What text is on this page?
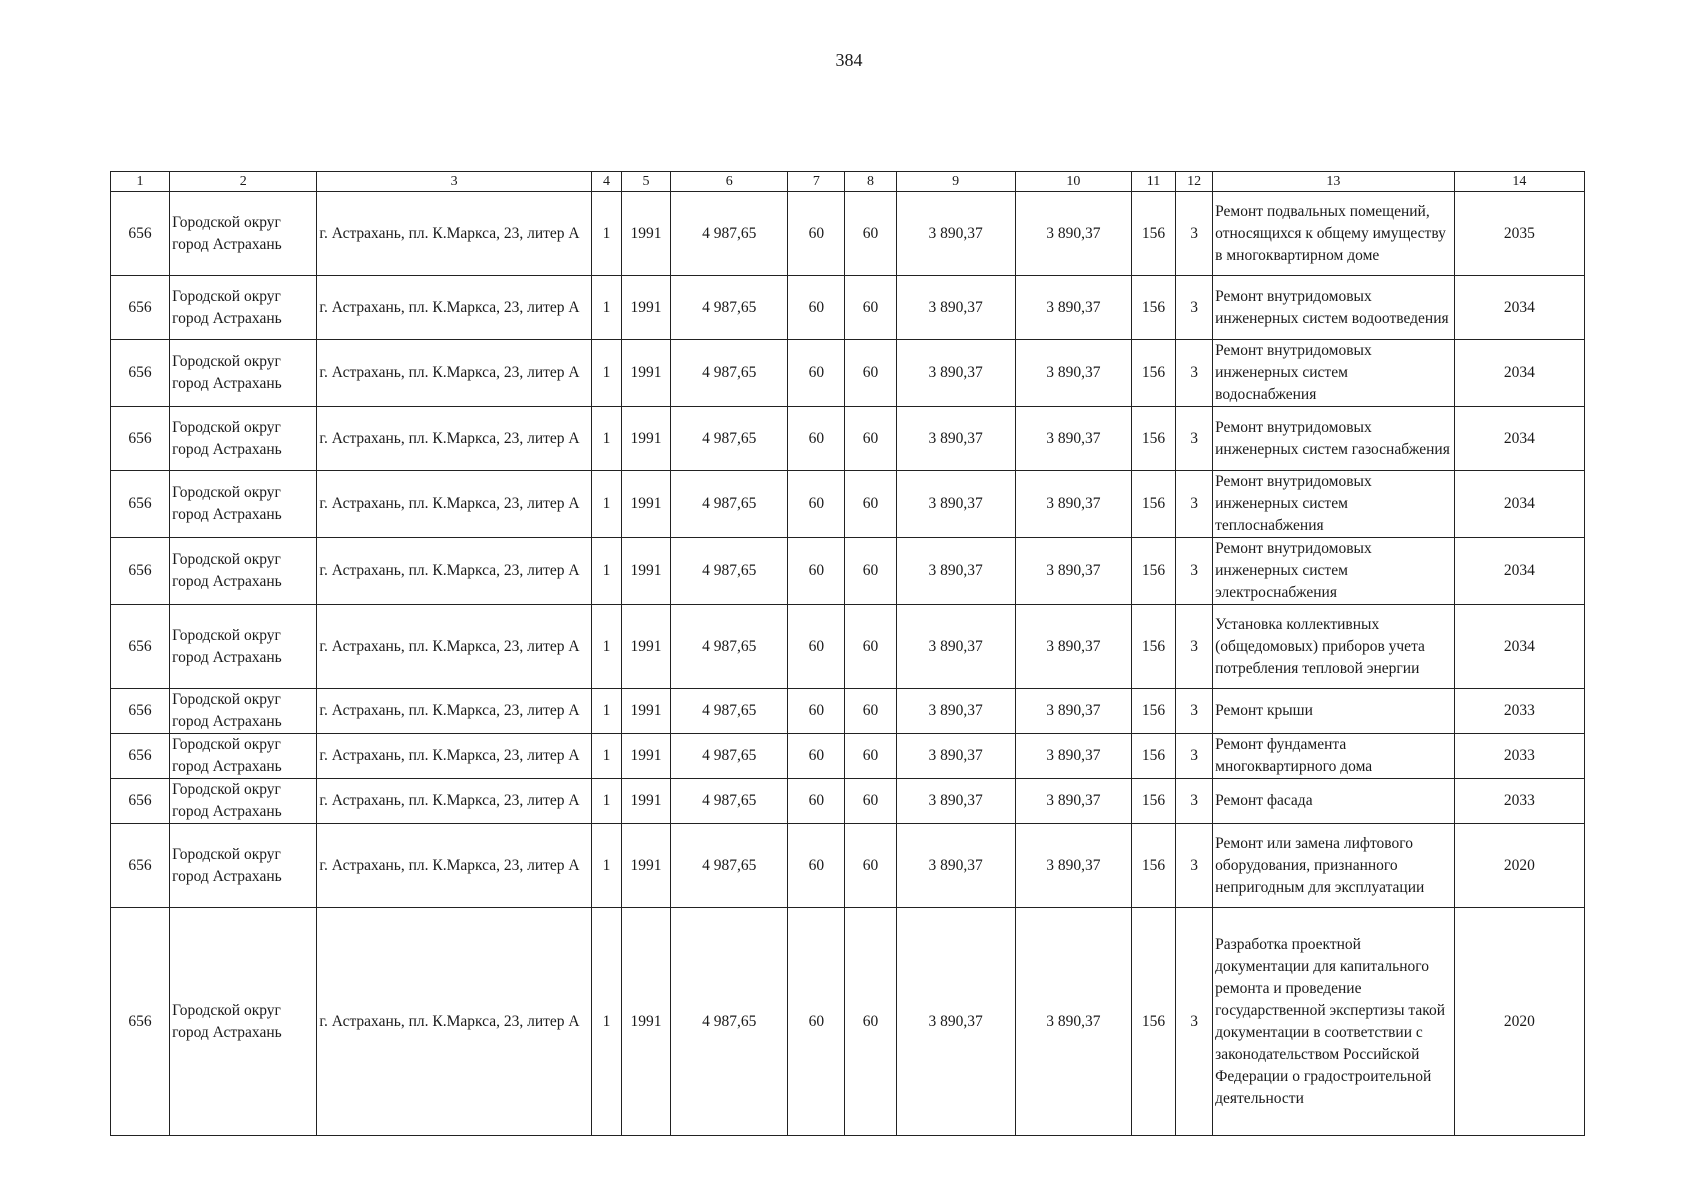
384
1	2	3	4	5	6	7	8	9	10	11	12	13	14
656	Городской округ город Астрахань	г. Астрахань, пл. К.Маркса, 23, литер А	1	1991	4 987,65	60	60	3 890,37	3 890,37	156	3	Ремонт подвальных помещений, относящихся к общему имуществу в многоквартирном доме	2035
656	Городской округ город Астрахань	г. Астрахань, пл. К.Маркса, 23, литер А	1	1991	4 987,65	60	60	3 890,37	3 890,37	156	3	Ремонт внутридомовых инженерных систем водоотведения	2034
656	Городской округ город Астрахань	г. Астрахань, пл. К.Маркса, 23, литер А	1	1991	4 987,65	60	60	3 890,37	3 890,37	156	3	Ремонт внутридомовых инженерных систем водоснабжения	2034
656	Городской округ город Астрахань	г. Астрахань, пл. К.Маркса, 23, литер А	1	1991	4 987,65	60	60	3 890,37	3 890,37	156	3	Ремонт внутридомовых инженерных систем газоснабжения	2034
656	Городской округ город Астрахань	г. Астрахань, пл. К.Маркса, 23, литер А	1	1991	4 987,65	60	60	3 890,37	3 890,37	156	3	Ремонт внутридомовых инженерных систем теплоснабжения	2034
656	Городской округ город Астрахань	г. Астрахань, пл. К.Маркса, 23, литер А	1	1991	4 987,65	60	60	3 890,37	3 890,37	156	3	Ремонт внутридомовых инженерных систем электроснабжения	2034
656	Городской округ город Астрахань	г. Астрахань, пл. К.Маркса, 23, литер А	1	1991	4 987,65	60	60	3 890,37	3 890,37	156	3	Установка коллективных (общедомовых) приборов учета потребления тепловой энергии	2034
656	Городской округ город Астрахань	г. Астрахань, пл. К.Маркса, 23, литер А	1	1991	4 987,65	60	60	3 890,37	3 890,37	156	3	Ремонт крыши	2033
656	Городской округ город Астрахань	г. Астрахань, пл. К.Маркса, 23, литер А	1	1991	4 987,65	60	60	3 890,37	3 890,37	156	3	Ремонт фундамента многоквартирного дома	2033
656	Городской округ город Астрахань	г. Астрахань, пл. К.Маркса, 23, литер А	1	1991	4 987,65	60	60	3 890,37	3 890,37	156	3	Ремонт фасада	2033
656	Городской округ город Астрахань	г. Астрахань, пл. К.Маркса, 23, литер А	1	1991	4 987,65	60	60	3 890,37	3 890,37	156	3	Ремонт или замена лифтового оборудования, признанного непригодным для эксплуатации	2020
656	Городской округ город Астрахань	г. Астрахань, пл. К.Маркса, 23, литер А	1	1991	4 987,65	60	60	3 890,37	3 890,37	156	3	Разработка проектной документации для капитального ремонта и проведение государственной экспертизы такой документации в соответствии с законодательством Российской Федерации о градостроительной деятельности	2020
